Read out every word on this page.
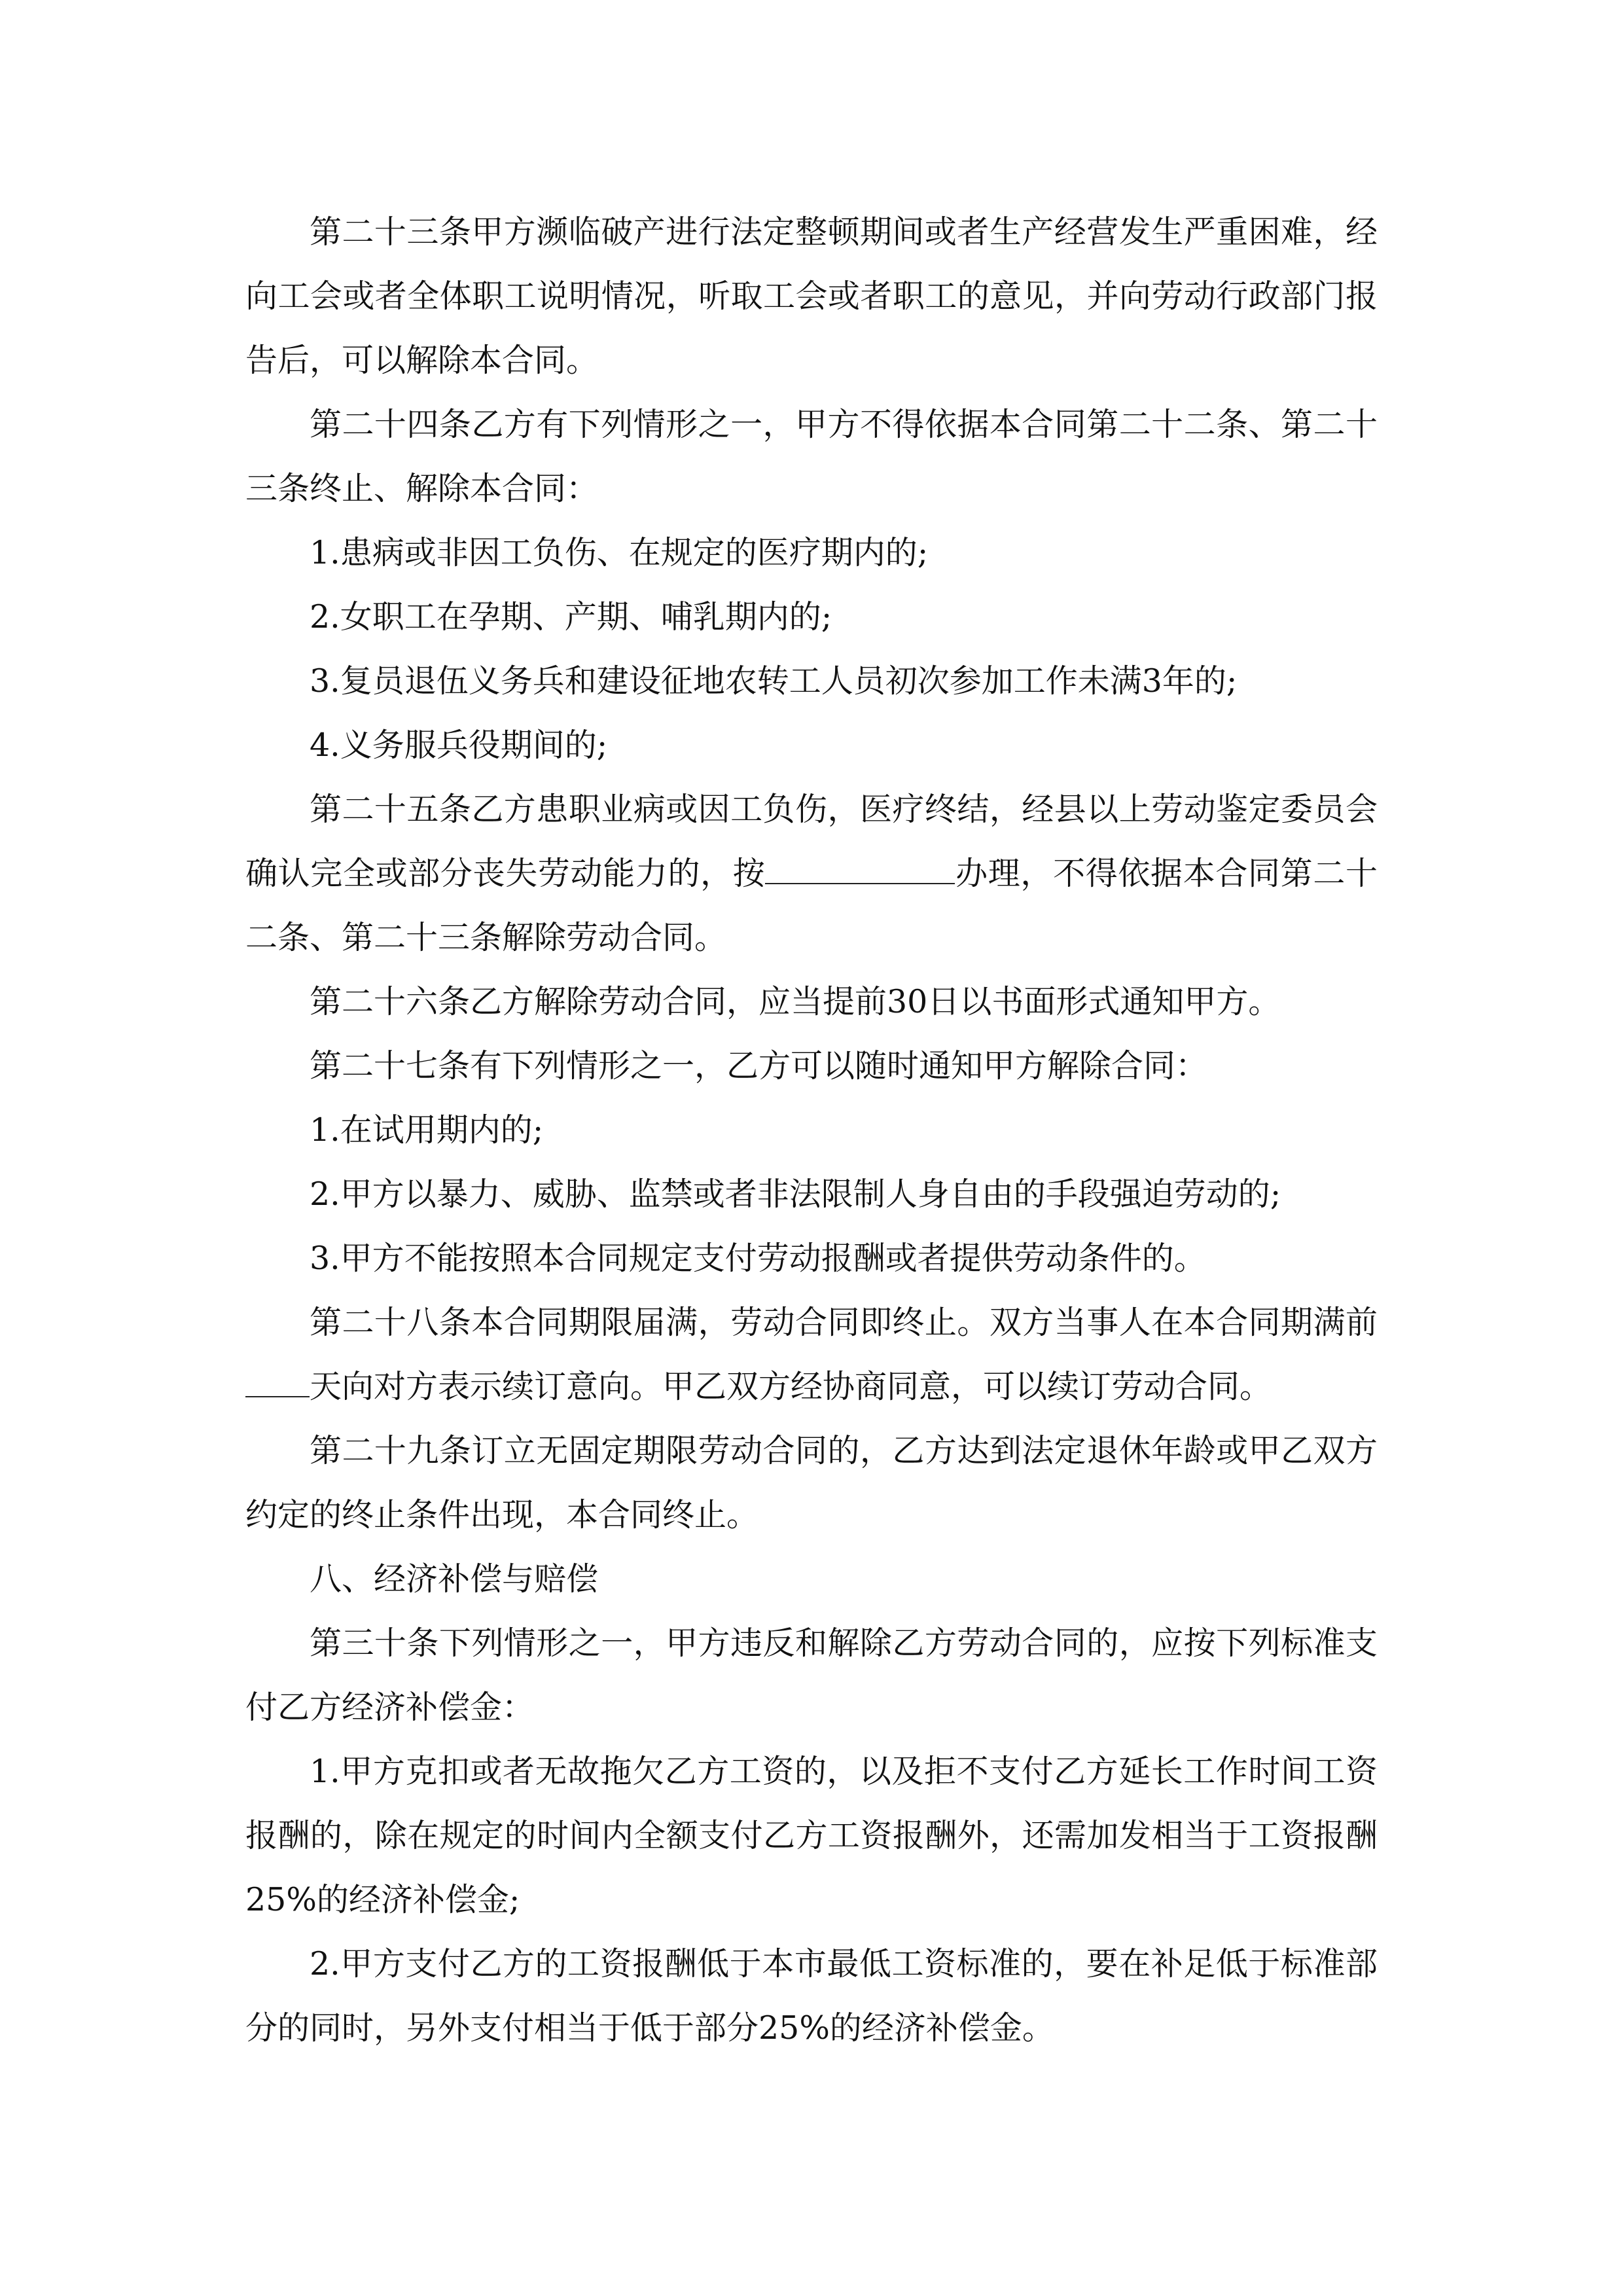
第二十三条甲方濒临破产进行法定整顿期间或者生产经营发生严重困难，经向工会或者全体职工说明情况，听取工会或者职工的意见，并向劳动行政部门报告后，可以解除本合同。

第二十四条乙方有下列情形之一，甲方不得依据本合同第二十二条、第二十三条终止、解除本合同：

1.患病或非因工负伤、在规定的医疗期内的;

2.女职工在孕期、产期、哺乳期内的;

3.复员退伍义务兵和建设征地农转工人员初次参加工作未满3年的;

4.义务服兵役期间的;

第二十五条乙方患职业病或因工负伤，医疗终结，经县以上劳动鉴定委员会确认完全或部分丧失劳动能力的，按	办理，不得依据本合同第二十二条、第二十三条解除劳动合同。

第二十六条乙方解除劳动合同，应当提前30日以书面形式通知甲方。

第二十七条有下列情形之一，乙方可以随时通知甲方解除合同：

1.在试用期内的;

2.甲方以暴力、威胁、监禁或者非法限制人身自由的手段强迫劳动的;

3.甲方不能按照本合同规定支付劳动报酬或者提供劳动条件的。

第二十八条本合同期限届满，劳动合同即终止。双方当事人在本合同期满前天向对方表示续订意向。甲乙双方经协商同意，可以续订劳动合同。

第二十九条订立无固定期限劳动合同的，乙方达到法定退休年龄或甲乙双方约定的终止条件出现，本合同终止。

八、经济补偿与赔偿

第三十条下列情形之一，甲方违反和解除乙方劳动合同的，应按下列标准支付乙方经济补偿金：

1.甲方克扣或者无故拖欠乙方工资的，以及拒不支付乙方延长工作时间工资报酬的，除在规定的时间内全额支付乙方工资报酬外，还需加发相当于工资报酬25%的经济补偿金;

2.甲方支付乙方的工资报酬低于本市最低工资标准的，要在补足低于标准部分的同时，另外支付相当于低于部分25%的经济补偿金。
